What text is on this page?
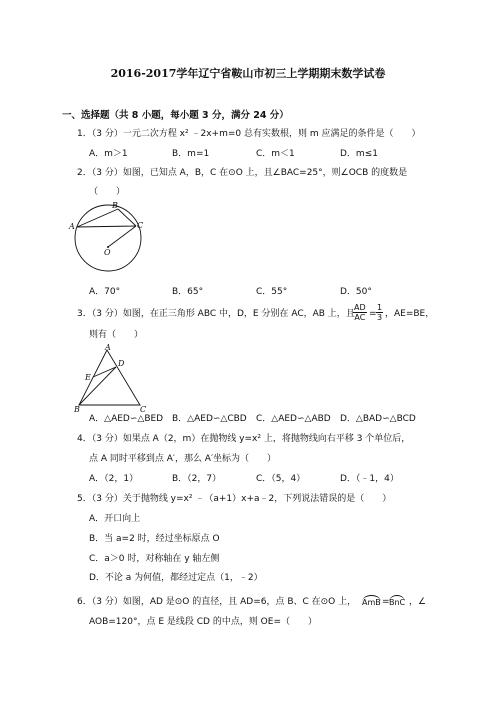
2016-2017学年辽宁省鞍山市初三上学期期末数学试卷
一、选择题（共 8 小题，每小题 3 分，满分 24 分）
1．（3 分）一元二次方程 x² ﹣2x+m=0 总有实数根，则 m 应满足的条件是（　　）
A．m＞1	B．m=1	C．m＜1	D．m≤1
2．（3 分）如图，已知点 A，B，C 在⊙O 上，且∠BAC=25°，则∠OCB 的度数是
（　　）
A
B
C
O
A．70°	B．65°	C．55°	D．50°
3．（3 分）如图，在正三角形 ABC 中，D，E 分别在 AC，AB 上，且
$\frac{AD}{AC} = \frac{1}{3}$ ，AE=BE，
则有（　　）
A
D
E
B	C
A．△AED∽△BED B．△AED∽△CBD C．△AED∽△ABD D．△BAD∽△BCD
4．（3 分）如果点 A（2，m）在抛物线 y=x² 上，将抛物线向右平移 3 个单位后，
点 A 同时平移到点 A′，那么 A′坐标为（　　）
A．（2，1）	B．（2，7）	C．（5，4）	D．（﹣1，4）
5．（3 分）关于抛物线 y=x² ﹣（a+1）x+a﹣2，下列说法错误的是（　　）
A．开口向上
B．当 a=2 时，经过坐标原点 O
C．a＞0 时，对称轴在 y 轴左侧
D．不论 a 为何值，都经过定点（1，﹣2）
6．（3 分）如图，AD 是⊙O 的直径，且 AD=6，点 B、C 在⊙O 上， AmB = BnC ，∠
AOB=120°，点 E 是线段 CD 的中点，则 OE=（　　）
